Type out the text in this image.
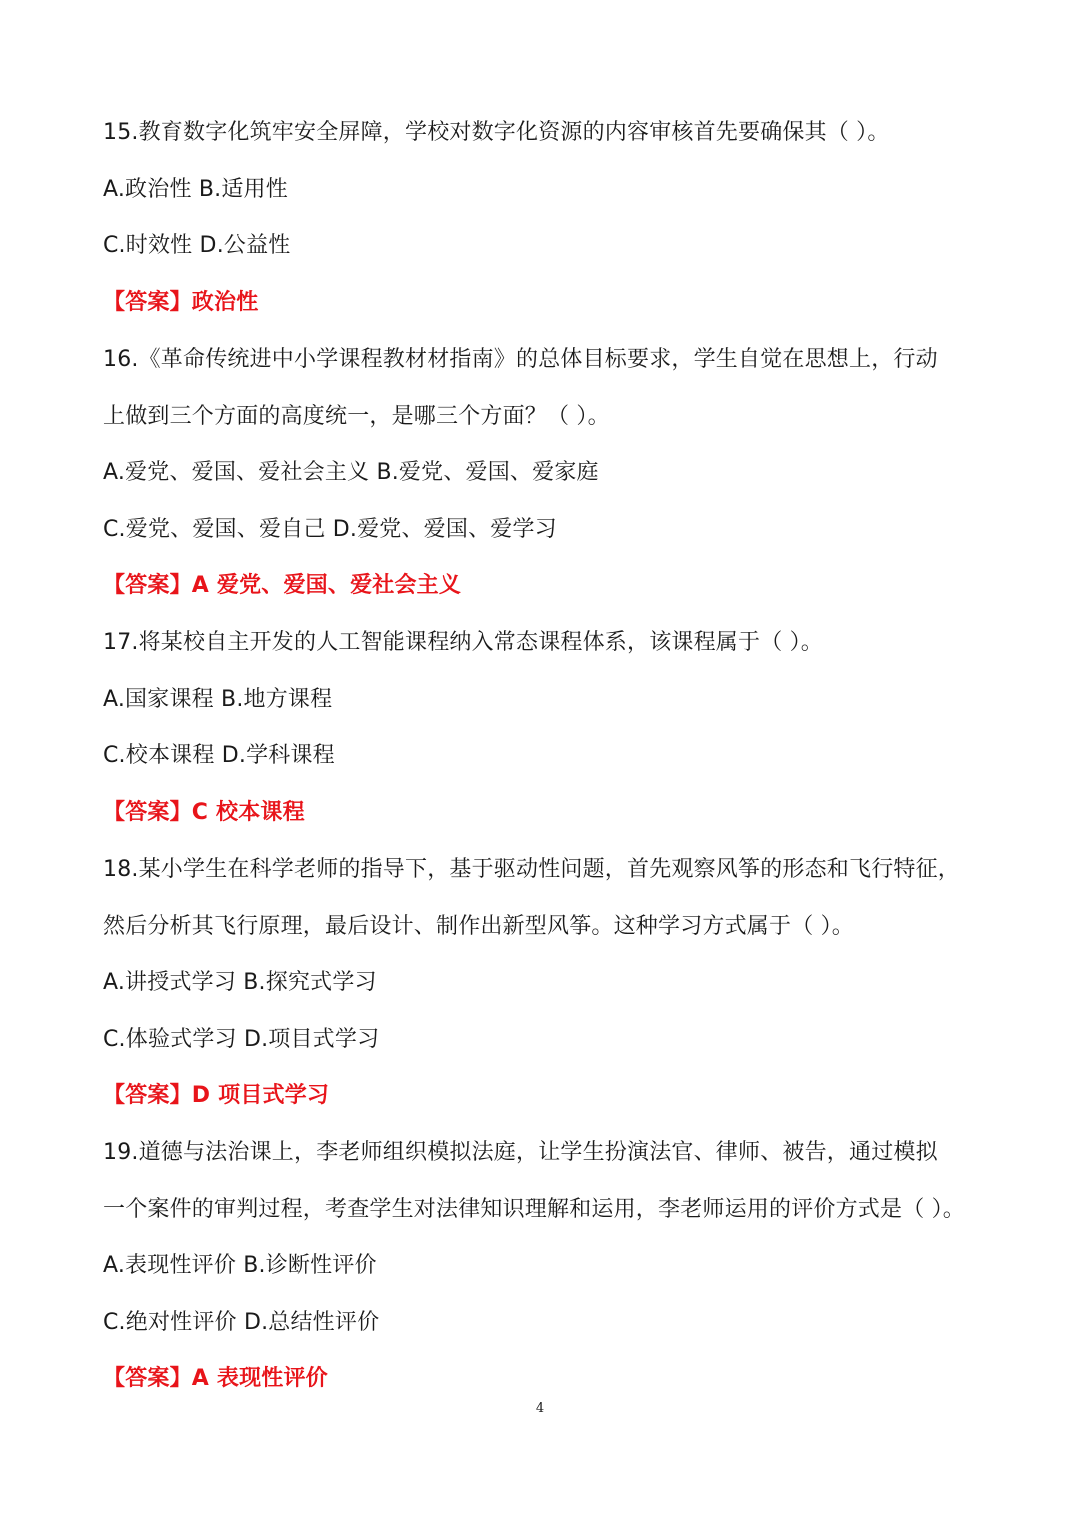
15.教育数字化筑牢安全屏障，学校对数字化资源的内容审核首先要确保其（ ）。
A.政治性 B.适用性
C.时效性 D.公益性
【答案】政治性
16.《革命传统进中小学课程教材材指南》的总体目标要求，学生自觉在思想上，行动
上做到三个方面的高度统一，是哪三个方面？（ ）。
A.爱党、爱国、爱社会主义 B.爱党、爱国、爱家庭
C.爱党、爱国、爱自己 D.爱党、爱国、爱学习
【答案】A 爱党、爱国、爱社会主义
17.将某校自主开发的人工智能课程纳入常态课程体系，该课程属于（ ）。
A.国家课程 B.地方课程
C.校本课程 D.学科课程
【答案】C 校本课程
18.某小学生在科学老师的指导下，基于驱动性问题，首先观察风筝的形态和飞行特征，
然后分析其飞行原理，最后设计、制作出新型风筝。这种学习方式属于（ ）。
A.讲授式学习 B.探究式学习
C.体验式学习 D.项目式学习
【答案】D 项目式学习
19.道德与法治课上，李老师组织模拟法庭，让学生扮演法官、律师、被告，通过模拟
一个案件的审判过程，考查学生对法律知识理解和运用，李老师运用的评价方式是（ ）。
A.表现性评价 B.诊断性评价
C.绝对性评价 D.总结性评价
【答案】A 表现性评价
4
